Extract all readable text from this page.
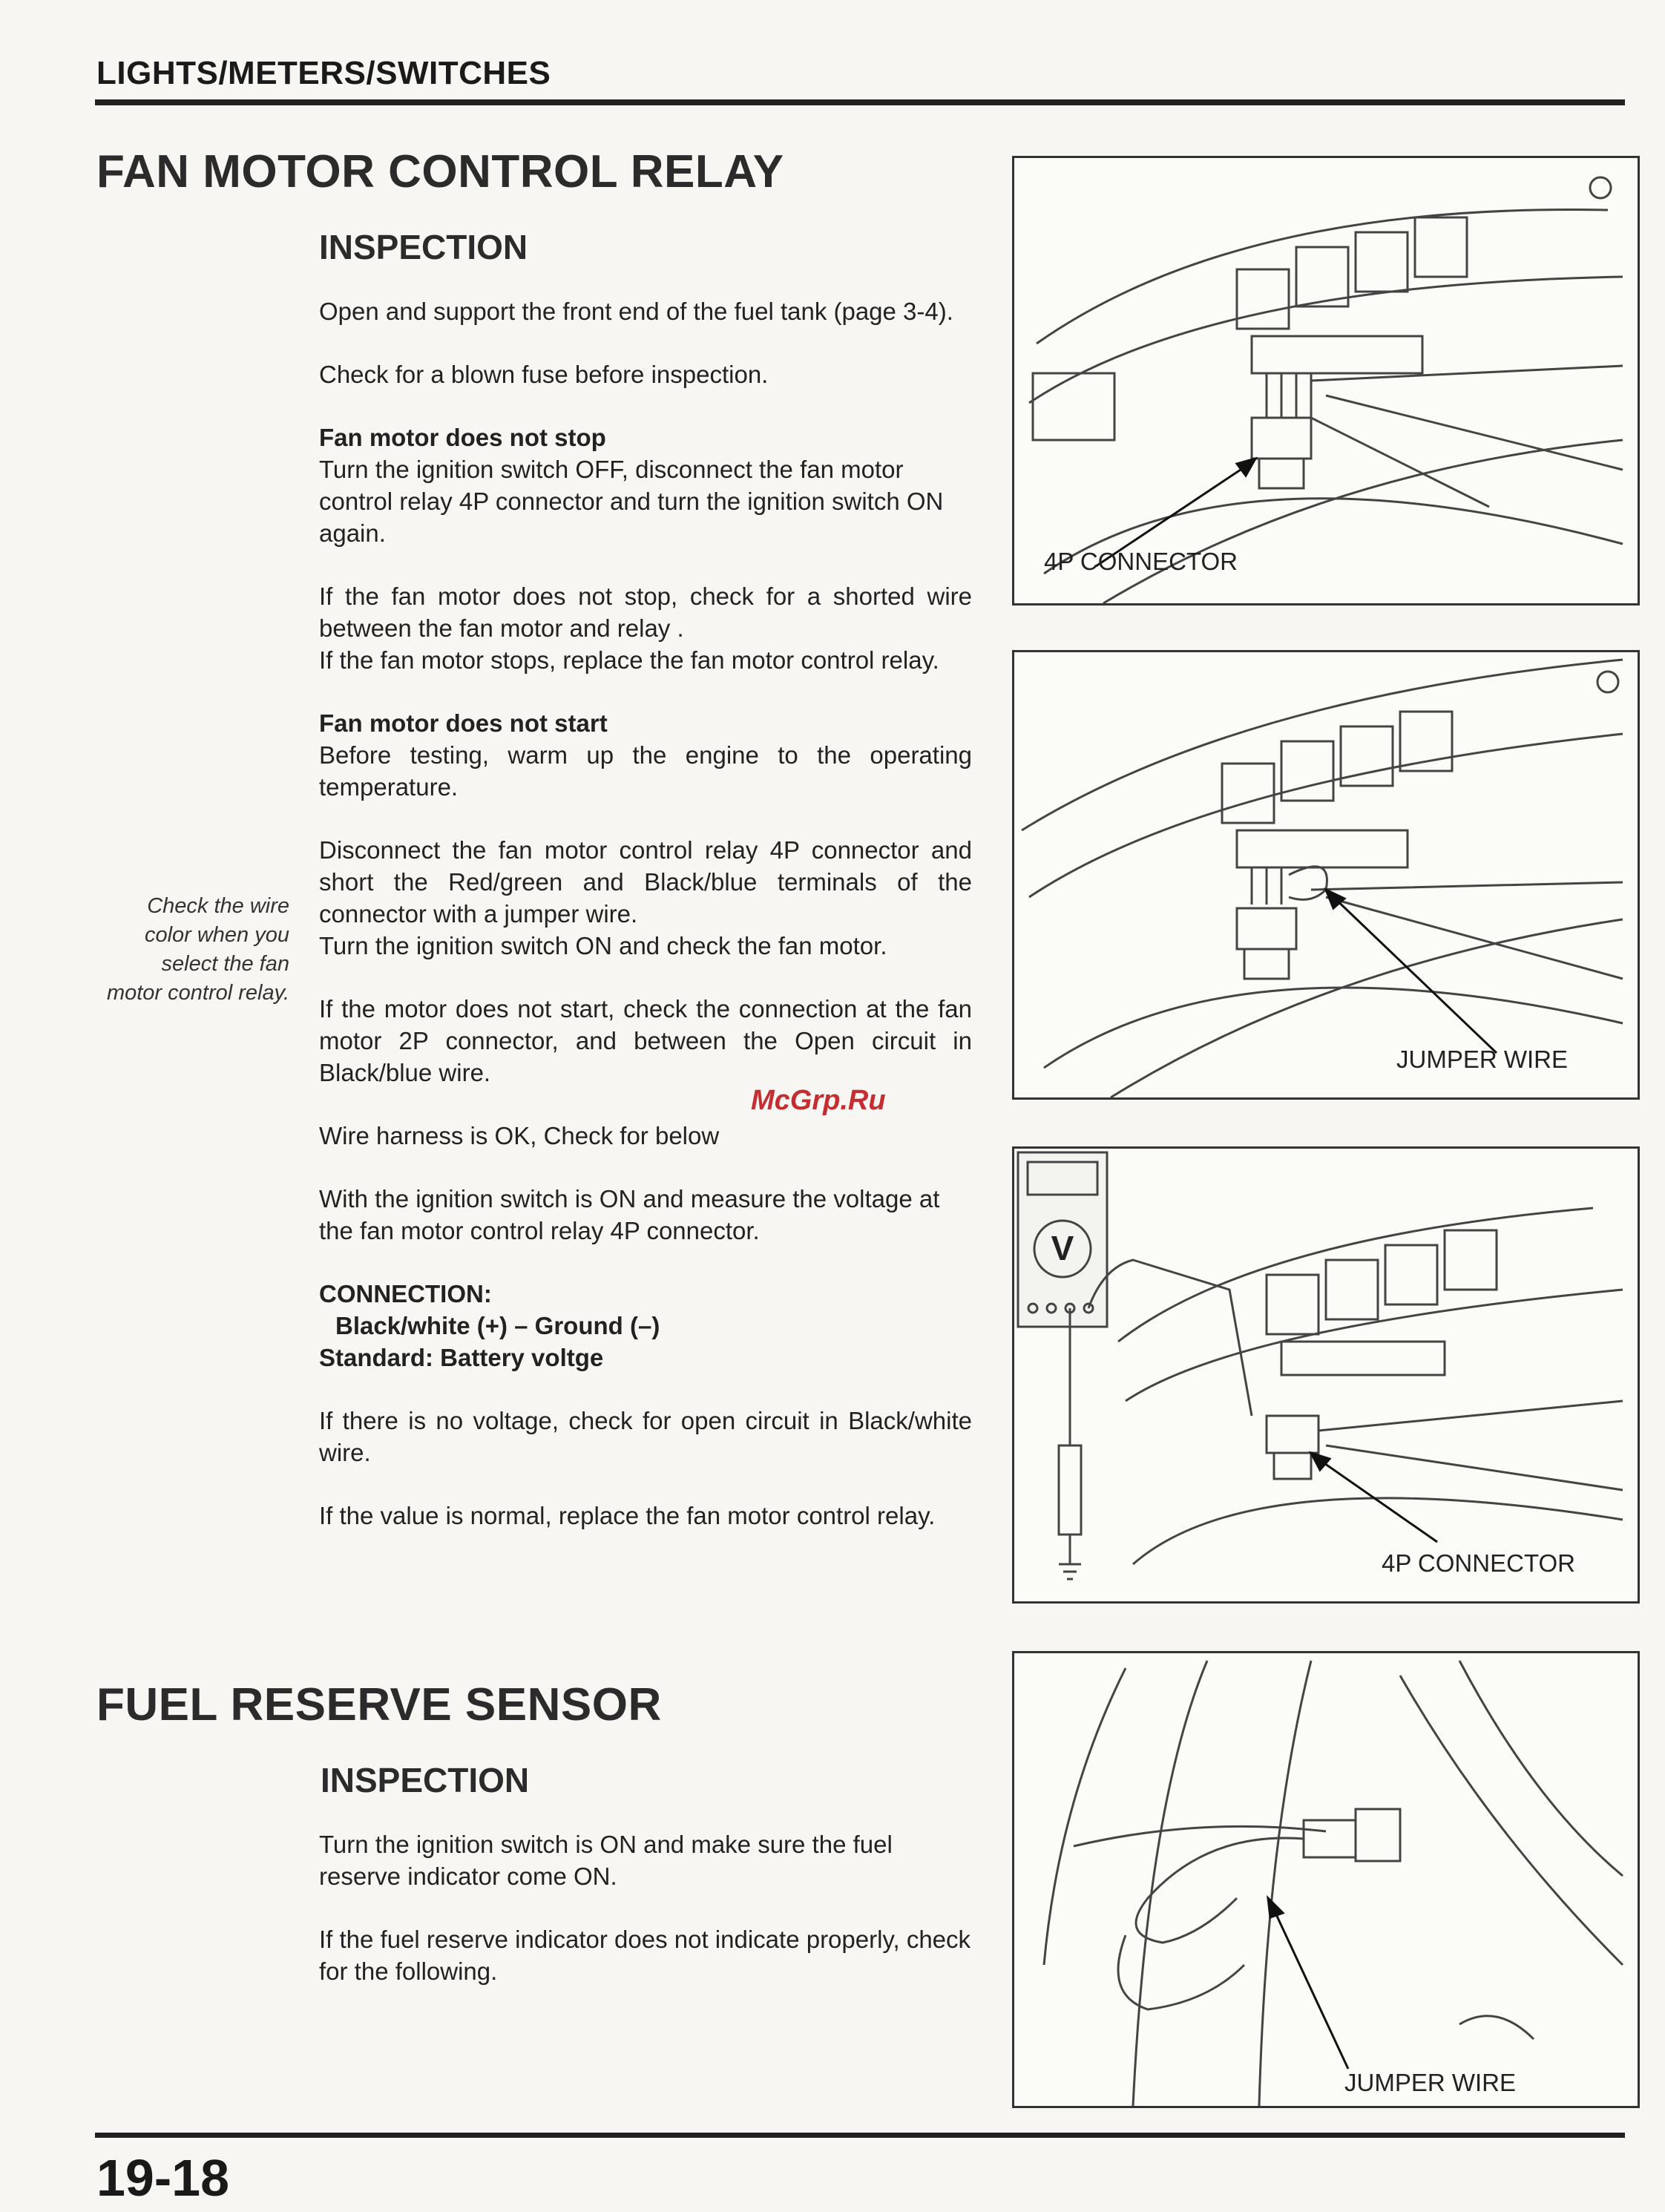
LIGHTS/METERS/SWITCHES
FAN MOTOR CONTROL RELAY
INSPECTION

Open and support the front end of the fuel tank (page 3-4).

Check for a blown fuse before inspection.

Fan motor does not stop
Turn the ignition switch OFF, disconnect the fan motor control relay 4P connector and turn the ignition switch ON again.

If the fan motor does not stop, check for a shorted wire between the fan motor and relay .
If the fan motor stops, replace the fan motor control relay.

Fan motor does not start
Before testing, warm up the engine to the operating temperature.

Disconnect the fan motor control relay 4P connector and short the Red/green and Black/blue terminals of the connector with a jumper wire.
Turn the ignition switch ON and check the fan motor.

If the motor does not start, check the connection at the fan motor 2P connector, and between the Open circuit in Black/blue wire.

Wire harness is OK, Check for below

With the ignition switch is ON and measure the voltage at the fan motor control relay 4P connector.

CONNECTION:
Black/white (+) – Ground (–)
Standard: Battery voltge

If there is no voltage, check for open circuit in Black/white wire.

If the value is normal, replace the fan motor control relay.

Check the wire color when you select the fan motor control relay.
FUEL RESERVE SENSOR
INSPECTION

Turn the ignition switch is ON and make sure the fuel reserve indicator come ON.

If the fuel reserve indicator does not indicate properly, check for the following.

4P CONNECTOR
JUMPER WIRE
V
4P CONNECTOR
JUMPER WIRE
McGrp.Ru
19-18
